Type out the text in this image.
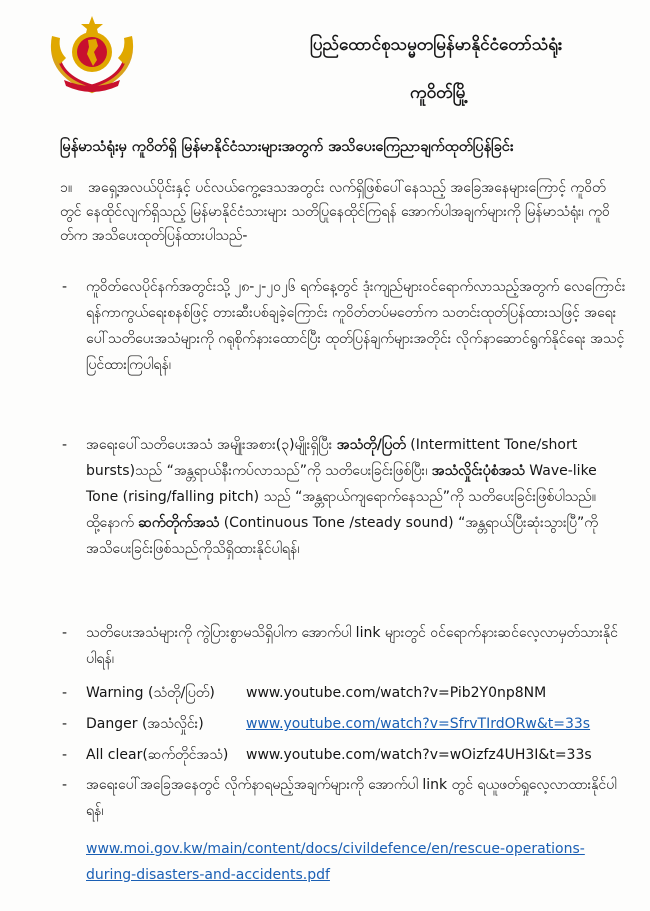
ပြည်ထောင်စုသမ္မတမြန်မာနိုင်ငံတော်သံရုံး
ကူဝိတ်မြို့
မြန်မာသံရုံးမှ ကူဝိတ်ရှိ မြန်မာနိုင်ငံသားများအတွက် အသိပေးကြေညာချက်ထုတ်ပြန်ခြင်း
၁။ အရှေ့အလယ်ပိုင်းနှင့် ပင်လယ်ကွေ့ဒေသအတွင်း လက်ရှိဖြစ်ပေါ်နေသည့် အခြေအနေများကြောင့် ကူဝိတ်တွင် နေထိုင်လျက်ရှိသည့် မြန်မာနိုင်ငံသားများ သတိပြုနေထိုင်ကြရန် အောက်ပါအချက်များကို မြန်မာသံရုံး၊ ကူဝိတ်က အသိပေးထုတ်ပြန်ထားပါသည်-
-	ကူဝိတ်လေပိုင်နက်အတွင်းသို့ ၂၈-၂-၂၀၂၆ ရက်နေ့တွင် ဒုံးကျည်များဝင်ရောက်လာသည့်အတွက် လေကြောင်းရန်ကာကွယ်ရေးစနစ်ဖြင့် တားဆီးပစ်ချခဲ့ကြောင်း ကူဝိတ်တပ်မတော်က သတင်းထုတ်ပြန်ထားသဖြင့် အရေးပေါ်သတိပေးအသံများကို ဂရုစိုက်နားထောင်ပြီး ထုတ်ပြန်ချက်များအတိုင်း လိုက်နာဆောင်ရွက်နိုင်ရေး အသင့်ပြင်ထားကြပါရန်၊
-	အရေးပေါ်သတိပေးအသံ အမျိုးအစား(၃)မျိုးရှိပြီး အသံတို/ပြတ် (Intermittent Tone/short bursts)သည် “အန္တရာယ်နီးကပ်လာသည်”ကို သတိပေးခြင်းဖြစ်ပြီး၊ အသံလှိုင်းပုံစံအသံ Wave-like Tone (rising/falling pitch) သည် “အန္တရာယ်ကျရောက်နေသည်”ကို သတိပေးခြင်းဖြစ်ပါသည်။ ထို့နောက် ဆက်တိုက်အသံ (Continuous Tone /steady sound) “အန္တရာယ်ပြီးဆုံးသွားပြီ”ကို အသိပေးခြင်းဖြစ်သည်ကိုသိရှိထားနိုင်ပါရန်၊
-	သတိပေးအသံများကို ကွဲပြားစွာမသိရှိပါက အောက်ပါ link များတွင် ဝင်ရောက်နားဆင်လေ့လာမှတ်သားနိုင်ပါရန်၊
-	Warning (သံတို/ပြတ်) www.youtube.com/watch?v=Pib2Y0np8NM
-	Danger (အသံလှိုင်း)	www.youtube.com/watch?v=SfrvTIrdORw&t=33s
-	All clear(ဆက်တိုင်အသံ) www.youtube.com/watch?v=wOizfz4UH3I&t=33s
-	အရေးပေါ်အခြေအနေတွင် လိုက်နာရမည့်အချက်များကို အောက်ပါ link တွင် ရယူဖတ်ရှုလေ့လာထားနိုင်ပါရန်၊
www.moi.gov.kw/main/content/docs/civildefence/en/rescue-operations-
during-disasters-and-accidents.pdf
